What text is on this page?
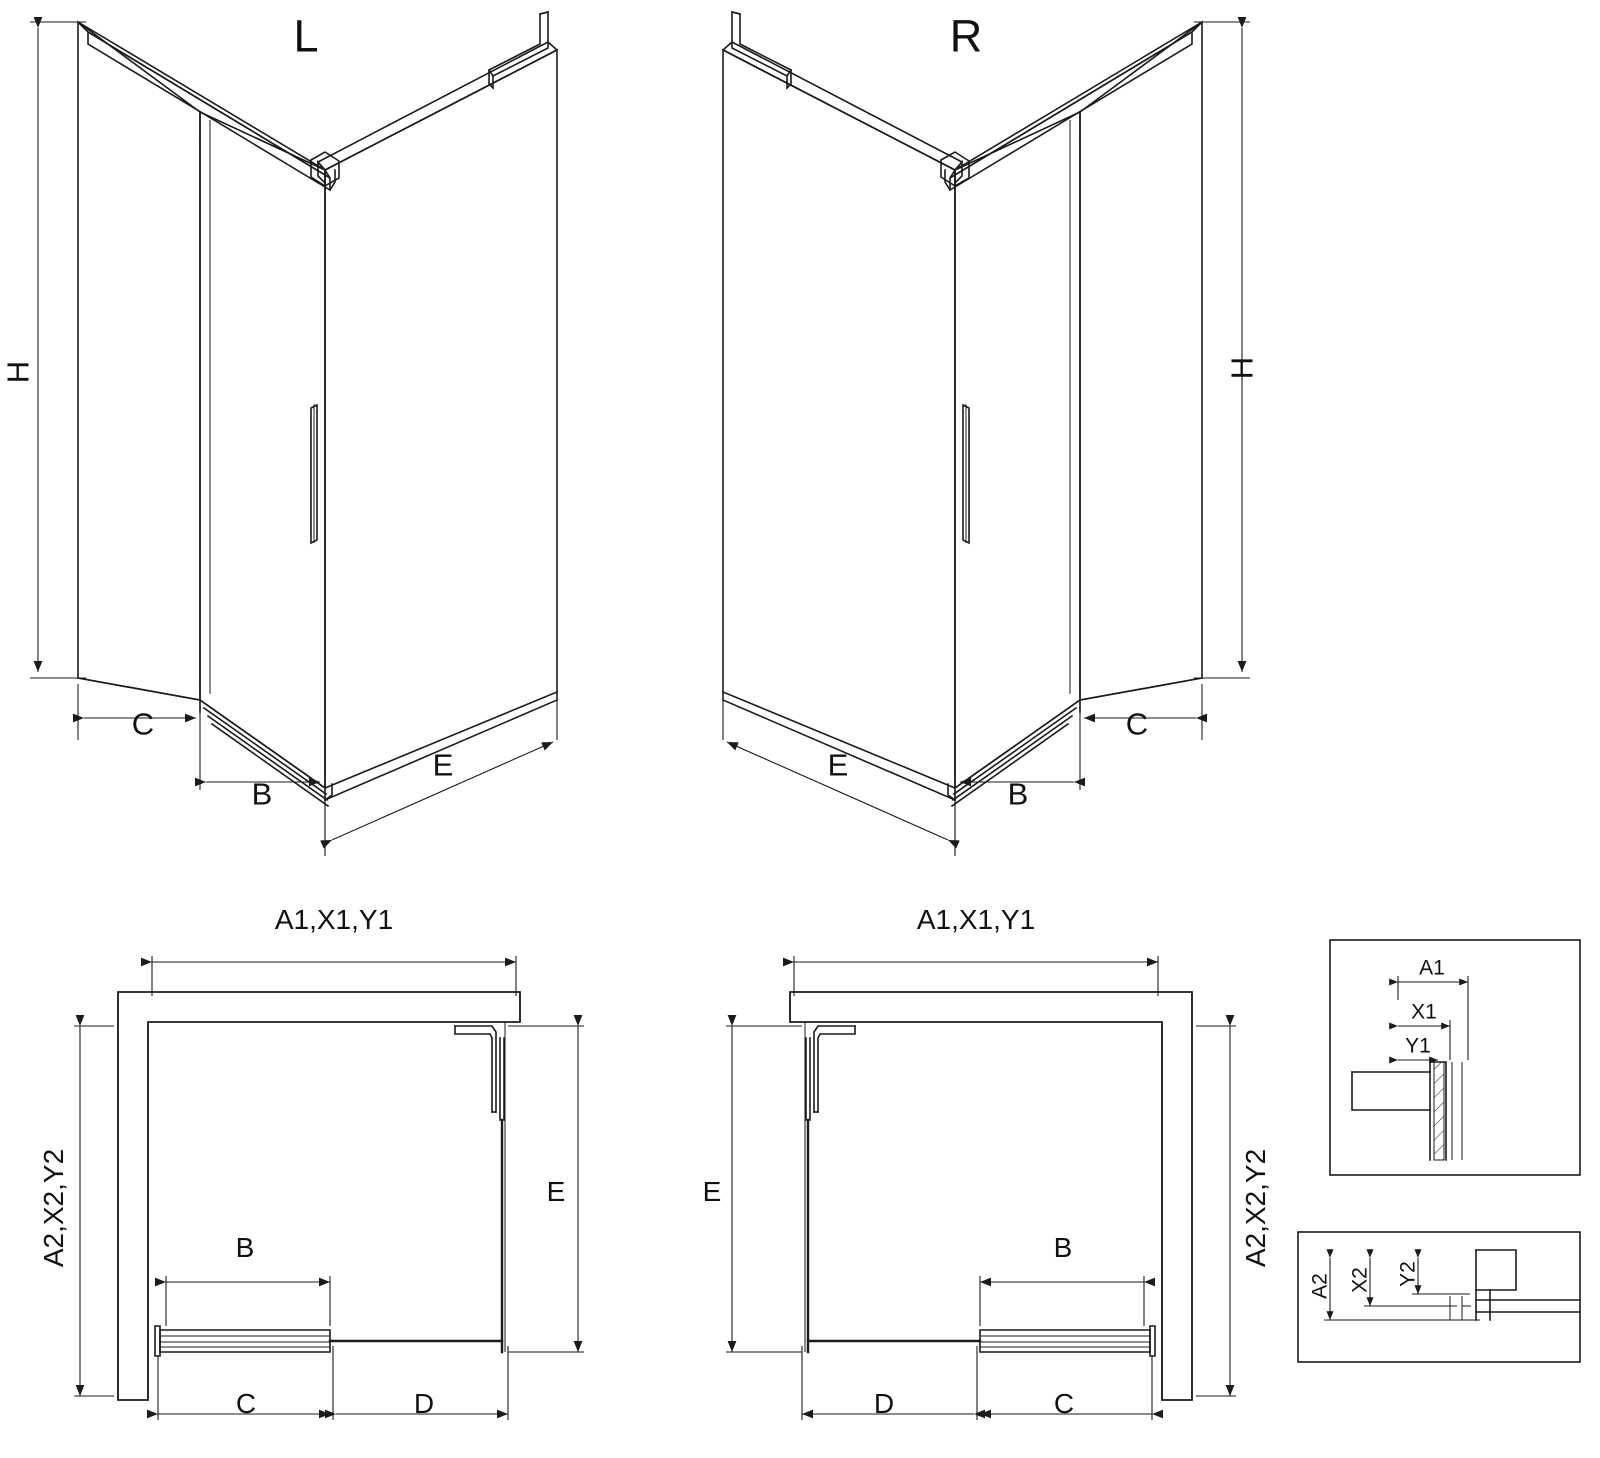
L
H
C
B
E
R
H
E
B
C
A1,X1,Y1
A2,X2,Y2	E
B
C	D
A1,X1,Y1
A2,X2,Y2
E
B
D	C
A1
X1
Y1
A2 X2 Y2
